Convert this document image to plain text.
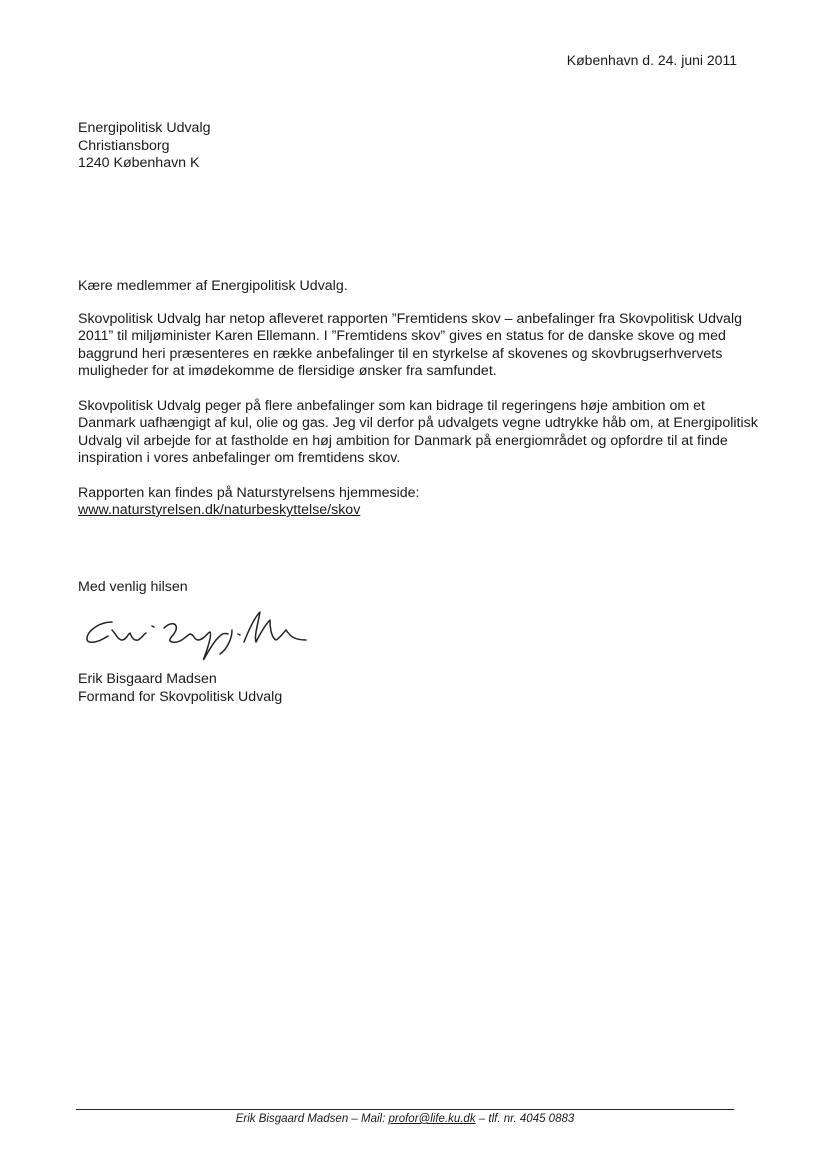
København d. 24. juni 2011
Energipolitisk Udvalg
Christiansborg
1240 København K

Kære medlemmer af Energipolitisk Udvalg.

Skovpolitisk Udvalg har netop afleveret rapporten ”Fremtidens skov – anbefalinger fra Skovpolitisk Udvalg 2011” til miljøminister Karen Ellemann. I ”Fremtidens skov” gives en status for de danske skove og med baggrund heri præsenteres en række anbefalinger til en styrkelse af skovenes og skovbrugserhvervets muligheder for at imødekomme de flersidige ønsker fra samfundet.

Skovpolitisk Udvalg peger på flere anbefalinger som kan bidrage til regeringens høje ambition om et Danmark uafhængigt af kul, olie og gas. Jeg vil derfor på udvalgets vegne udtrykke håb om, at Energipolitisk Udvalg vil arbejde for at fastholde en høj ambition for Danmark på energiområdet og opfordre til at finde inspiration i vores anbefalinger om fremtidens skov.

Rapporten kan findes på Naturstyrelsens hjemmeside:
www.naturstyrelsen.dk/naturbeskyttelse/skov

Med venlig hilsen
Erik Bisgaard Madsen
Formand for Skovpolitisk Udvalg
Erik Bisgaard Madsen – Mail: profor@life.ku.dk – tlf. nr. 4045 0883
